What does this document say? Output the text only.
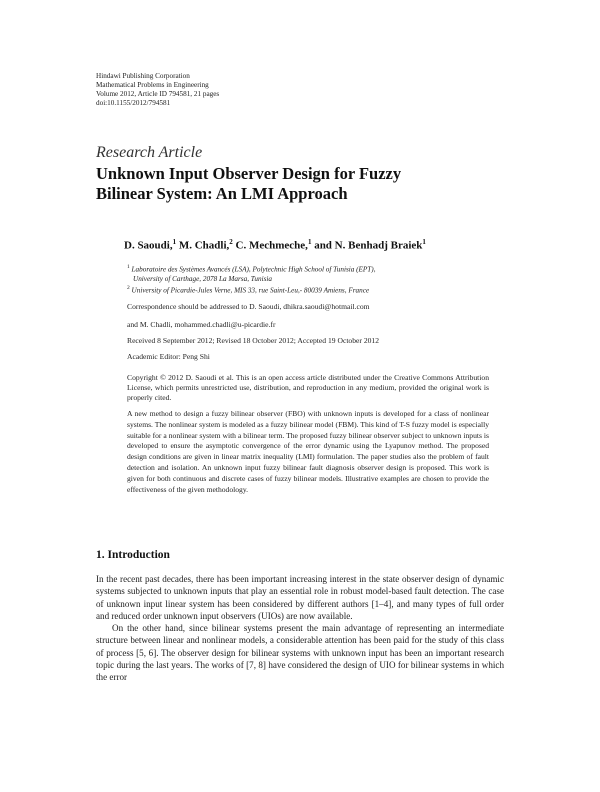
Hindawi Publishing Corporation
Mathematical Problems in Engineering
Volume 2012, Article ID 794581, 21 pages
doi:10.1155/2012/794581
Research Article
Unknown Input Observer Design for Fuzzy
Bilinear System: An LMI Approach
D. Saoudi,$^1$ M. Chadli,$^2$ C. Mechmeche,$^1$ and N. Benhadj Braiek$^1$
$^1$ Laboratoire des Systèmes Avancés (LSA), Polytechnic High School of Tunisia (EPT),
University of Carthage, 2078 La Marsa, Tunisia
$^2$ University of Picardie-Jules Verne, MIS 33, rue Saint-Leu,- 80039 Amiens, France
Correspondence should be addressed to D. Saoudi, dhikra.saoudi@hotmail.com
and M. Chadli, mohammed.chadli@u-picardie.fr
Received 8 September 2012; Revised 18 October 2012; Accepted 19 October 2012
Academic Editor: Peng Shi
Copyright © 2012 D. Saoudi et al. This is an open access article distributed under the Creative Commons Attribution License, which permits unrestricted use, distribution, and reproduction in any medium, provided the original work is properly cited.
A new method to design a fuzzy bilinear observer (FBO) with unknown inputs is developed for a class of nonlinear systems. The nonlinear system is modeled as a fuzzy bilinear model (FBM). This kind of T-S fuzzy model is especially suitable for a nonlinear system with a bilinear term. The proposed fuzzy bilinear observer subject to unknown inputs is developed to ensure the asymptotic convergence of the error dynamic using the Lyapunov method. The proposed design conditions are given in linear matrix inequality (LMI) formulation. The paper studies also the problem of fault detection and isolation. An unknown input fuzzy bilinear fault diagnosis observer design is proposed. This work is given for both continuous and discrete cases of fuzzy bilinear models. Illustrative examples are chosen to provide the effectiveness of the given methodology.
1. Introduction

In the recent past decades, there has been important increasing interest in the state observer design of dynamic systems subjected to unknown inputs that play an essential role in robust model-based fault detection. The case of unknown input linear system has been considered by different authors [1–4], and many types of full order and reduced order unknown input observers (UIOs) are now available.

On the other hand, since bilinear systems present the main advantage of representing an intermediate structure between linear and nonlinear models, a considerable attention has been paid for the study of this class of process [5, 6]. The observer design for bilinear systems with unknown input has been an important research topic during the last years. The works of [7, 8] have considered the design of UIO for bilinear systems in which the error
